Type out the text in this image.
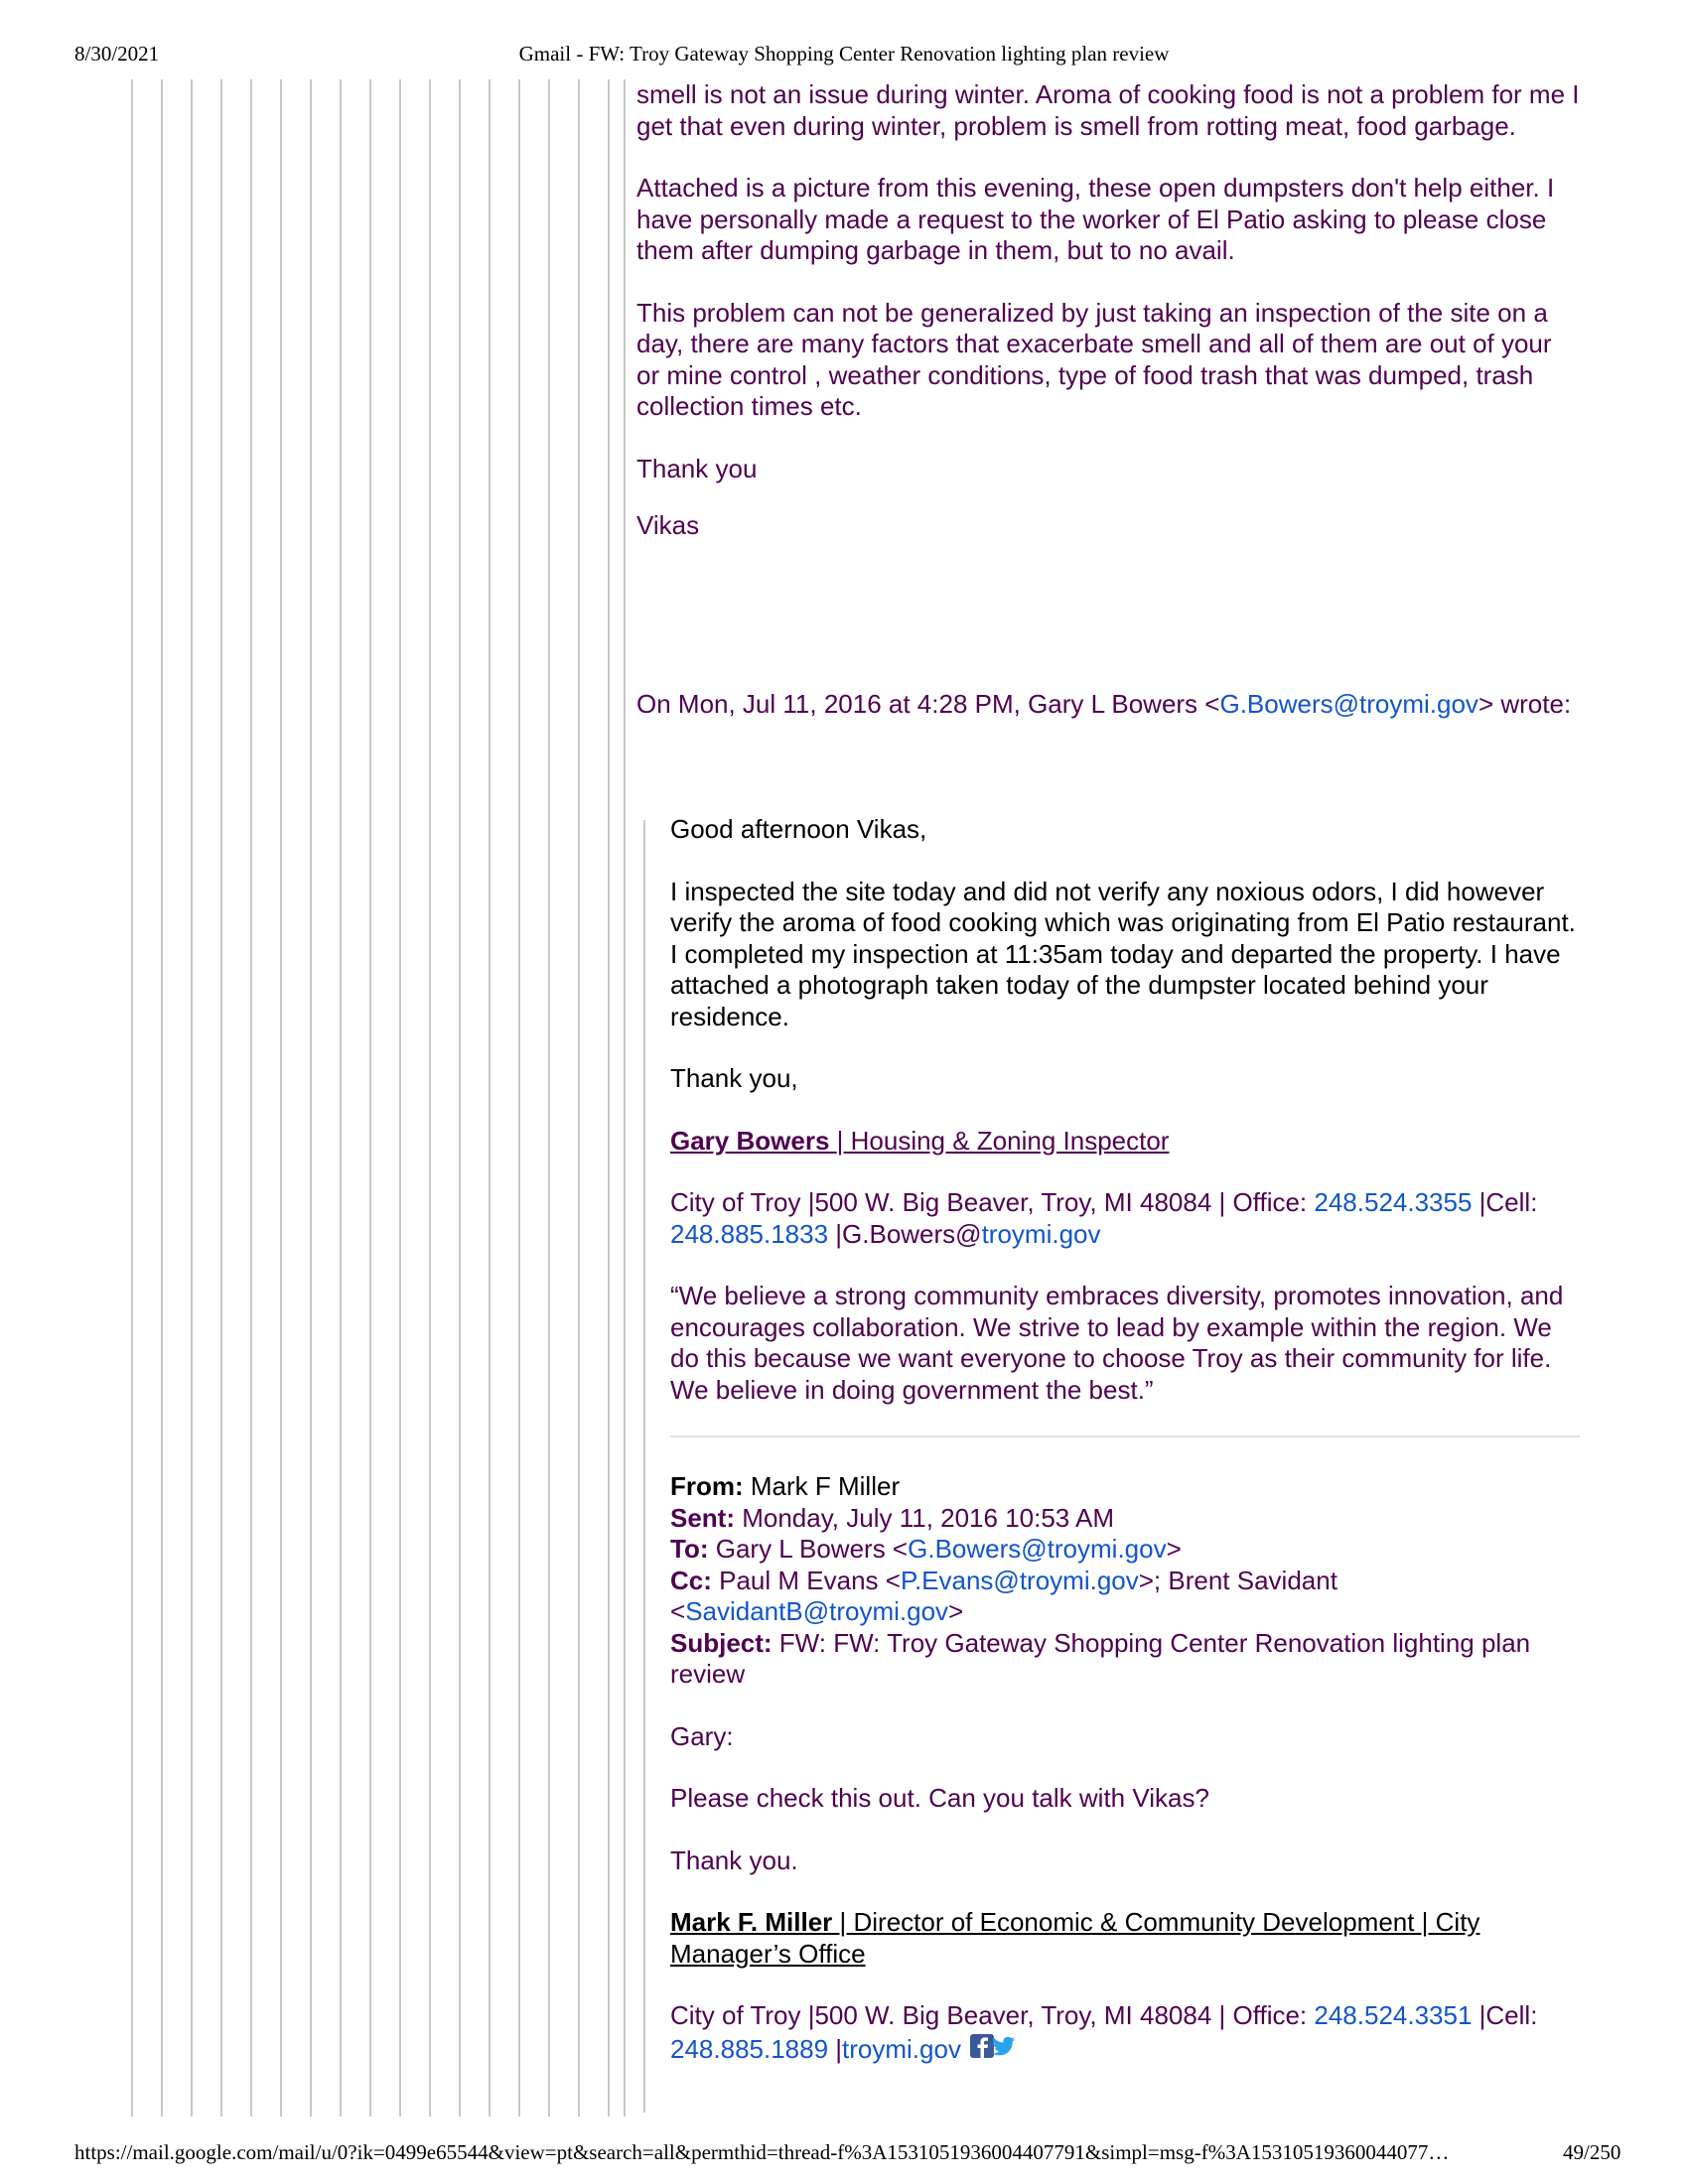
8/30/2021	Gmail - FW: Troy Gateway Shopping Center Renovation lighting plan review

smell is not an issue during winter. Aroma of cooking food is not a problem for me I get that even during winter, problem is smell from rotting meat, food garbage.

Attached is a picture from this evening, these open dumpsters don't help either. I have personally made a request to the worker of El Patio asking to please close them after dumping garbage in them, but to no avail.

This problem can not be generalized by just taking an inspection of the site on a day, there are many factors that exacerbate smell and all of them are out of your or mine control , weather conditions, type of food trash that was dumped, trash collection times etc.

Thank you

Vikas

On Mon, Jul 11, 2016 at 4:28 PM, Gary L Bowers <G.Bowers@troymi.gov> wrote:

Good afternoon Vikas,

I inspected the site today and did not verify any noxious odors, I did however verify the aroma of food cooking which was originating from El Patio restaurant. I completed my inspection at 11:35am today and departed the property. I have attached a photograph taken today of the dumpster located behind your residence.

Thank you,

Gary Bowers | Housing & Zoning Inspector

City of Troy |500 W. Big Beaver, Troy, MI 48084 | Office: 248.524.3355 |Cell: 248.885.1833 |G.Bowers@troymi.gov

“We believe a strong community embraces diversity, promotes innovation, and encourages collaboration. We strive to lead by example within the region. We do this because we want everyone to choose Troy as their community for life. We believe in doing government the best.”

From: Mark F Miller

Sent: Monday, July 11, 2016 10:53 AM

To: Gary L Bowers <G.Bowers@troymi.gov>

Cc: Paul M Evans <P.Evans@troymi.gov>; Brent Savidant <SavidantB@troymi.gov>

Subject: FW: FW: Troy Gateway Shopping Center Renovation lighting plan review

Gary:

Please check this out. Can you talk with Vikas?

Thank you.

Mark F. Miller | Director of Economic & Community Development | City Manager’s Office

City of Troy |500 W. Big Beaver, Troy, MI 48084 | Office: 248.524.3351 |Cell: 248.885.1889 |troymi.gov

https://mail.google.com/mail/u/0?ik=0499e65544&view=pt&search=all&permthid=thread-f%3A1531051936004407791&simpl=msg-f%3A15310519360044077…	49/250
